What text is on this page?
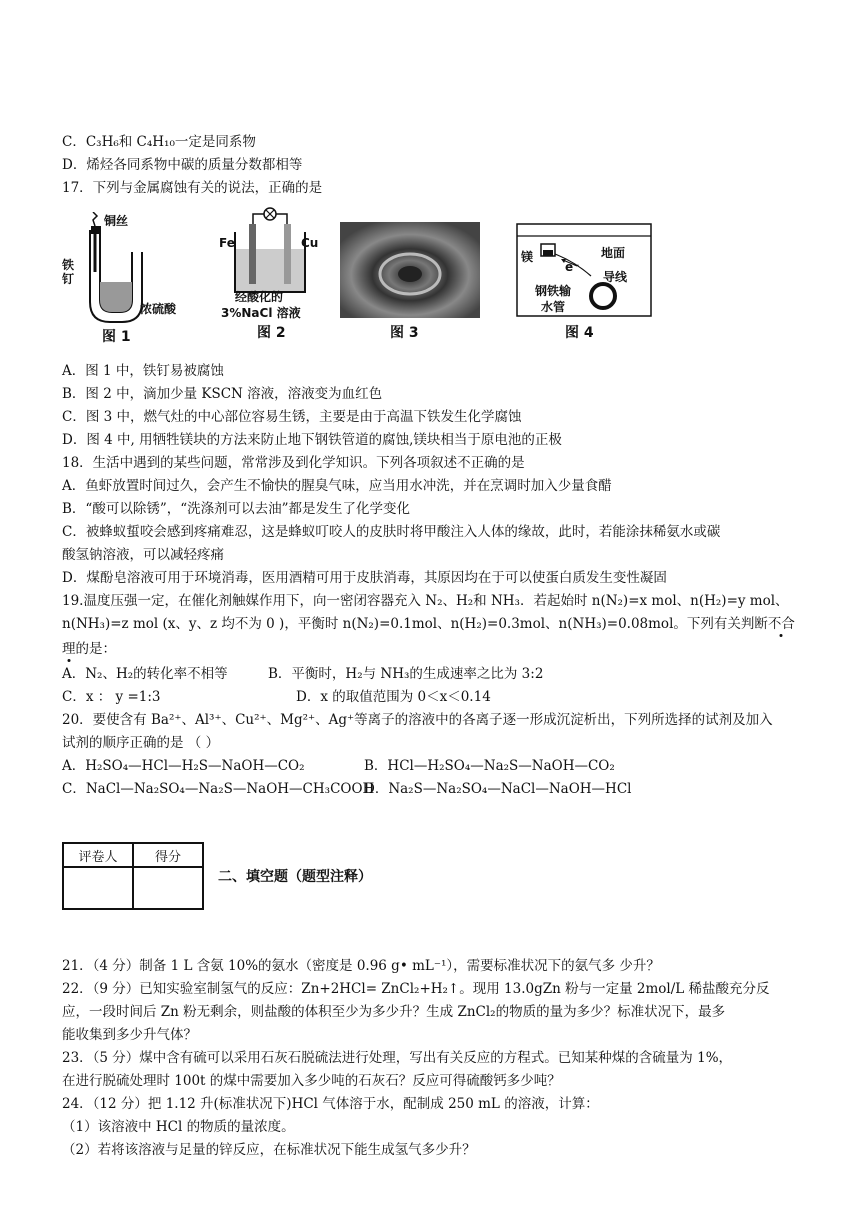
C．C₃H₆和 C₄H₁₀一定是同系物
D．烯烃各同系物中碳的质量分数都相等
17．下列与金属腐蚀有关的说法，正确的是
铜丝
铁钉
浓硫酸
图 1
Fe	Cu
经酸化的
3%NaCl 溶液
图 2	图 3
镁	地面
e⁻
导线
钢铁输
水管
图 4
A．图 1 中，铁钉易被腐蚀
B．图 2 中，滴加少量 KSCN 溶液，溶液变为血红色
C．图 3 中，燃气灶的中心部位容易生锈，主要是由于高温下铁发生化学腐蚀
D．图 4 中, 用牺牲镁块的方法来防止地下钢铁管道的腐蚀,镁块相当于原电池的正极
18．生活中遇到的某些问题，常常涉及到化学知识。下列各项叙述不正确的是
A．鱼虾放置时间过久，会产生不愉快的腥臭气味，应当用水冲洗，并在烹调时加入少量食醋
B．“酸可以除锈”，“洗涤剂可以去油”都是发生了化学变化
C．被蜂蚁蜇咬会感到疼痛难忍，这是蜂蚁叮咬人的皮肤时将甲酸注入人体的缘故，此时，若能涂抹稀氨水或碳
酸氢钠溶液，可以减轻疼痛
D．煤酚皂溶液可用于环境消毒，医用酒精可用于皮肤消毒，其原因均在于可以使蛋白质发生变性凝固
19.温度压强一定，在催化剂触媒作用下，向一密闭容器充入 N₂、H₂和 NH₃．若起始时 n(N₂)=x mol、n(H₂)=y mol、
n(NH₃)=z mol (x、y、z 均不为 0 )，平衡时 n(N₂)=0.1mol、n(H₂)=0.3mol、n(NH₃)=0.08mol。下列有关判断不合
理的是：
A．N₂、H₂的转化率不相等	B．平衡时，H₂与 NH₃的生成速率之比为 3:2
C．x ： y =1:3	D．x 的取值范围为 0＜x＜0.14
20．要使含有 Ba²⁺、Al³⁺、Cu²⁺、Mg²⁺、Ag⁺等离子的溶液中的各离子逐一形成沉淀析出，下列所选择的试剂及加入
试剂的顺序正确的是 （ ）
A．H₂SO₄—HCl—H₂S—NaOH—CO₂	B．HCl—H₂SO₄—Na₂S—NaOH—CO₂
C．NaCl—Na₂SO₄—Na₂S—NaOH—CH₃COOH
D．Na₂S—Na₂SO₄—NaCl—NaOH—HCl
评卷人	得分

二、填空题（题型注释）
21．（4 分）制备 1 L 含氨 10%的氨水（密度是 0.96 g• mL⁻¹），需要标准状况下的氨气多 少升？
22．（9 分）已知实验室制氢气的反应：Zn+2HCl= ZnCl₂+H₂↑。现用 13.0gZn 粉与一定量 2mol/L 稀盐酸充分反
应，一段时间后 Zn 粉无剩余，则盐酸的体积至少为多少升？生成 ZnCl₂的物质的量为多少？标准状况下，最多
能收集到多少升气体？
23．（5 分）煤中含有硫可以采用石灰石脱硫法进行处理，写出有关反应的方程式。已知某种煤的含硫量为 1%，
在进行脱硫处理时 100t 的煤中需要加入多少吨的石灰石？反应可得硫酸钙多少吨？
24．（12 分）把 1.12 升(标准状况下)HCl 气体溶于水，配制成 250 mL 的溶液，计算：
（1）该溶液中 HCl 的物质的量浓度。
（2）若将该溶液与足量的锌反应，在标准状况下能生成氢气多少升？
